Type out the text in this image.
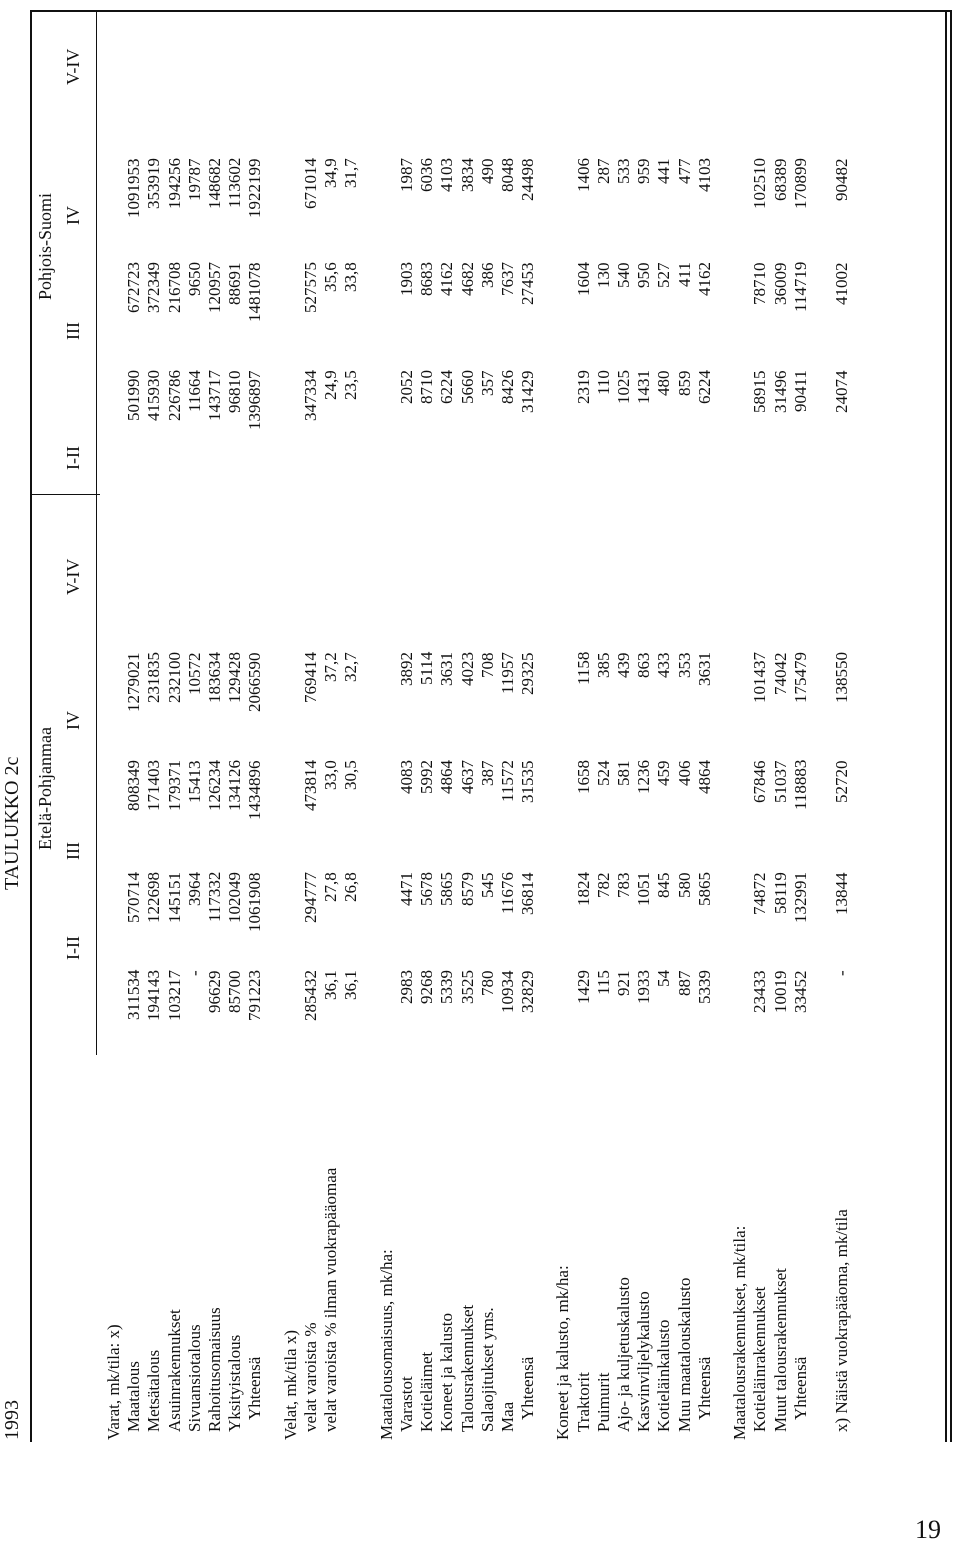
19
1993
TAULUKKO 2c Etelä-Pohjanmaa
I-II
III
IV
V-IV
Pohjois-Suomi
I-II
III
IV
V-IV
Varat, mk/tila: x) Maatalous
311534
570714
808349
1279021
501990
672723
1091953
Metsätalous
194143
122698
171403
231835
415930
372349
353919
Asuinrakennukset
103217
145151
179371
232100
226786
216708
194256
Sivuansiotalous
-
3964
15413
10572
11664
9650
19787
Rahoitusomaisuus
96629
117332
126234
183634
143717
120957
148682
Yksityistalous
85700
102049
134126
129428
96810
88691
113602
Yhteensä
791223
1061908
1434896
2066590
1396897
1481078
1922199
Velat, mk/tila x) velat varoista %
285432
294777
473814
769414
347334
527575
671014
velat varoista % ilman vuokrapääomaa
36,1
27,8
33,0
37,2
24,9
35,6
34,9
36,1
26,8
30,5
32,7
23,5
33,8
31,7
Maatalousomaisuus, mk/ha: Varastot
2983
4471
4083
3892
2052
1903
1987
Kotieläimet
9268
5678
5992
5114
8710
8683
6036
Koneet ja kalusto
5339
5865
4864
3631
6224
4162
4103
Talousrakennukset
3525
8579
4637
4023
5660
4682
3834
Salaojitukset yms.
780
545
387
708
357
386
490
Maa
10934
11676
11572
11957
8426
7637
8048
Yhteensä
32829
36814
31535
29325
31429
27453
24498
Koneet ja kalusto, mk/ha: Traktorit
1429
1824
1658
1158
2319
1604
1406
Puimurit
115
782
524
385
110
130
287
Ajo- ja kuljetuskalusto
921
783
581
439
1025
540
533
Kasvinviljelykalusto
1933
1051
1236
863
1431
950
959
Kotieläinkalusto
54
845
459
433
480
527
441
Muu maatalouskalusto
887
580
406
353
859
411
477
Yhteensä
5339
5865
4864
3631
6224
4162
4103
Maatalousrakennukset, mk/tila: Kotieläinrakennukset
23433
74872
67846
101437
58915
78710
102510
Muut talousrakennukset
10019
58119
51037
74042
31496
36009
68389
Yhteensä
33452
132991
118883
175479
90411
114719
170899
x) Näistä vuokrapääoma, mk/tila
-
13844
52720
138550
24074
41002
90482
